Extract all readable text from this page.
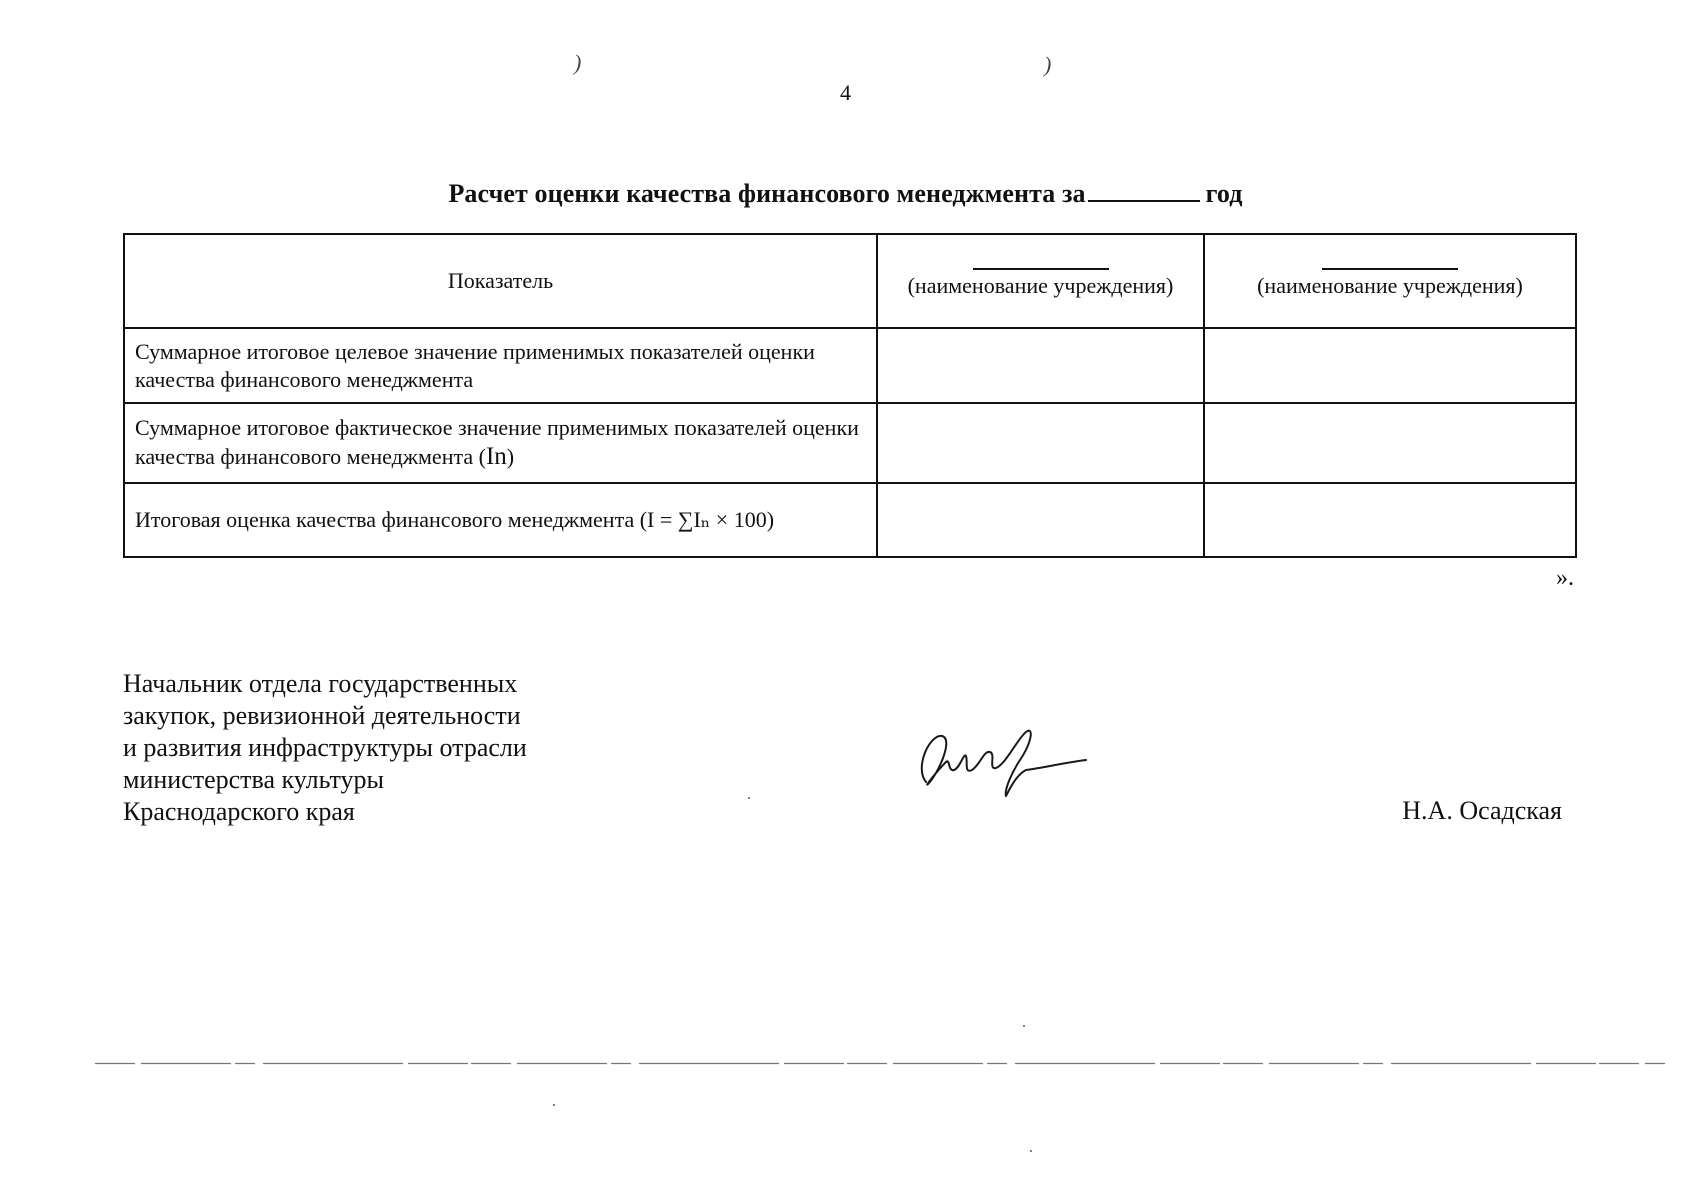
4
)	)
Расчет оценки качества финансового менеджмента за	год
Показатель	(наименование учреждения)	(наименование учреждения)
Суммарное итоговое целевое значение применимых показателей оценки качества финансового менеджмента		
Суммарное итоговое фактическое значение применимых показателей оценки качества финансового менеджмента (In)		
Итоговая оценка качества финансового менеджмента (I = ∑Iₙ × 100)		
».
Начальник отдела государственных
закупок, ревизионной деятельности
и развития инфраструктуры отрасли
министерства культуры
Краснодарского края	Н.А. Осадская
